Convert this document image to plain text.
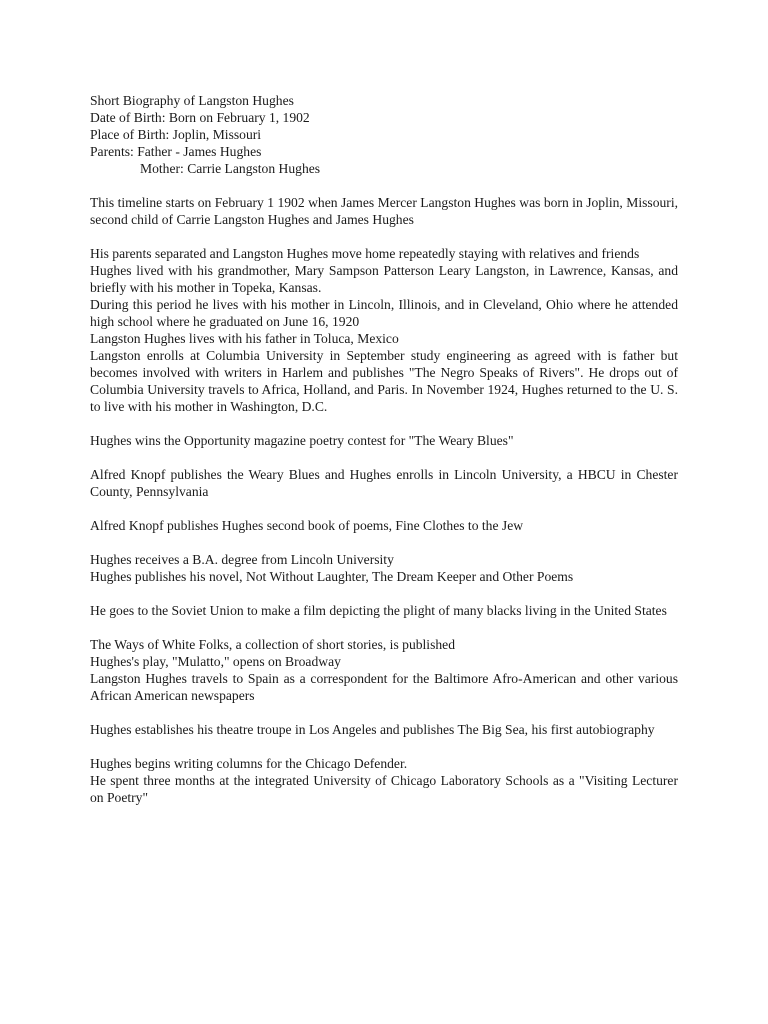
Short Biography of Langston Hughes
Date of Birth: Born on February 1, 1902
Place of Birth: Joplin, Missouri
Parents: Father - James Hughes
Mother: Carrie Langston Hughes
This timeline starts on February 1 1902 when James Mercer Langston Hughes was born in Joplin, Missouri, second child of Carrie Langston Hughes and James Hughes
His parents separated and Langston Hughes move home repeatedly staying with relatives and friends
Hughes lived with his grandmother, Mary Sampson Patterson Leary Langston, in Lawrence, Kansas, and briefly with his mother in Topeka, Kansas.
During this period he lives with his mother in Lincoln, Illinois, and in Cleveland, Ohio where he attended high school where he graduated on June 16, 1920
Langston Hughes lives with his father in Toluca, Mexico
Langston enrolls at Columbia University in September study engineering as agreed with is father but becomes involved with writers in Harlem and publishes "The Negro Speaks of Rivers". He drops out of Columbia University travels to Africa, Holland, and Paris. In November 1924, Hughes returned to the U. S. to live with his mother in Washington, D.C.
Hughes wins the Opportunity magazine poetry contest for "The Weary Blues"
Alfred Knopf publishes the Weary Blues and Hughes enrolls in Lincoln University, a HBCU in Chester County, Pennsylvania
Alfred Knopf publishes Hughes second book of poems, Fine Clothes to the Jew
Hughes receives a B.A. degree from Lincoln University
Hughes publishes his novel, Not Without Laughter, The Dream Keeper and Other Poems
He goes to the Soviet Union to make a film depicting the plight of many blacks living in the United States
The Ways of White Folks, a collection of short stories, is published
Hughes's play, "Mulatto," opens on Broadway
Langston Hughes travels to Spain as a correspondent for the Baltimore Afro-American and other various African American newspapers
Hughes establishes his theatre troupe in Los Angeles and publishes The Big Sea, his first autobiography
Hughes begins writing columns for the Chicago Defender.
He spent three months at the integrated University of Chicago Laboratory Schools as a "Visiting Lecturer on Poetry"
